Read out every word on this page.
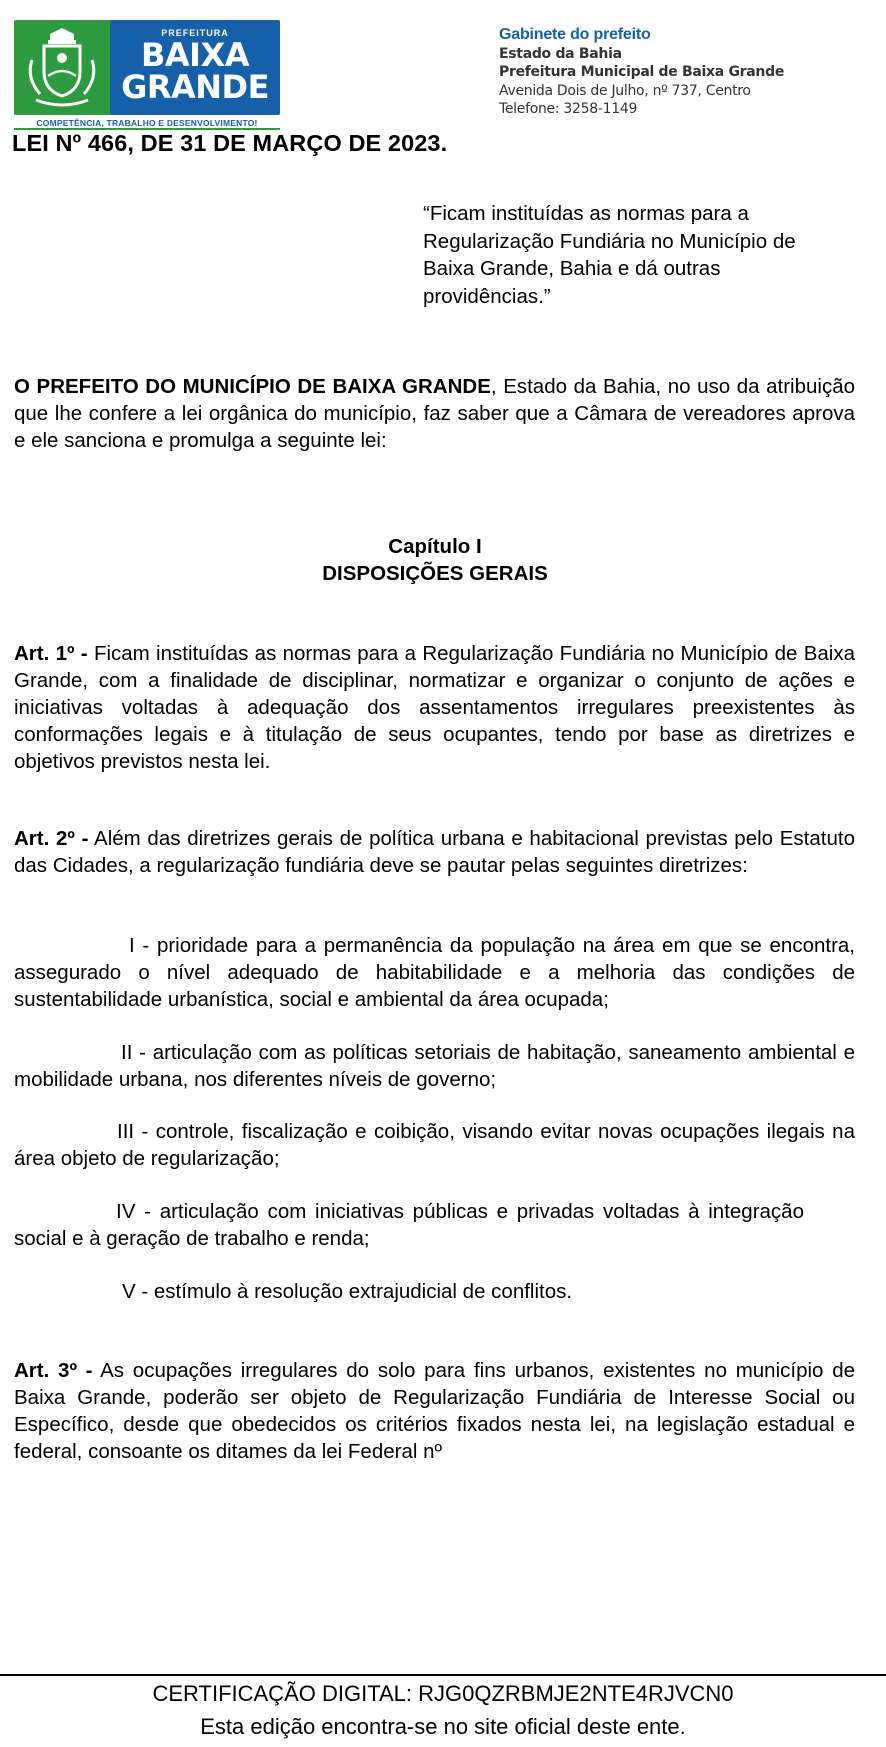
PREFEITURA
BAIXA
GRANDE
COMPETÊNCIA, TRABALHO E DESENVOLVIMENTO!
Gabinete do prefeito
Estado da Bahia
Prefeitura Municipal de Baixa Grande
Avenida Dois de Julho, nº 737, Centro
Telefone: 3258-1149
LEI Nº 466, DE 31 DE MARÇO DE 2023.
“Ficam instituídas as normas para a Regularização Fundiária no Município de Baixa Grande, Bahia e dá outras providências.”
O PREFEITO DO MUNICÍPIO DE BAIXA GRANDE, Estado da Bahia, no uso da atribuição que lhe confere a lei orgânica do município, faz saber que a Câmara de vereadores aprova e ele sanciona e promulga a seguinte lei:
Capítulo I
DISPOSIÇÕES GERAIS
Art. 1º - Ficam instituídas as normas para a Regularização Fundiária no Município de Baixa Grande, com a finalidade de disciplinar, normatizar e organizar o conjunto de ações e iniciativas voltadas à adequação dos assentamentos irregulares preexistentes às conformações legais e à titulação de seus ocupantes, tendo por base as diretrizes e objetivos previstos nesta lei.
Art. 2º - Além das diretrizes gerais de política urbana e habitacional previstas pelo Estatuto das Cidades, a regularização fundiária deve se pautar pelas seguintes diretrizes:
I - prioridade para a permanência da população na área em que se encontra, assegurado o nível adequado de habitabilidade e a melhoria das condições de sustentabilidade urbanística, social e ambiental da área ocupada;
II - articulação com as políticas setoriais de habitação, saneamento ambiental e mobilidade urbana, nos diferentes níveis de governo;
III - controle, fiscalização e coibição, visando evitar novas ocupações ilegais na área objeto de regularização;
IV - articulação com iniciativas públicas e privadas voltadas à integração social e à geração de trabalho e renda;
V - estímulo à resolução extrajudicial de conflitos.
Art. 3º - As ocupações irregulares do solo para fins urbanos, existentes no município de Baixa Grande, poderão ser objeto de Regularização Fundiária de Interesse Social ou Específico, desde que obedecidos os critérios fixados nesta lei, na legislação estadual e federal, consoante os ditames da lei Federal nº
CERTIFICAÇÃO DIGITAL: RJG0QZRBMJE2NTE4RJVCN0
Esta edição encontra-se no site oficial deste ente.
